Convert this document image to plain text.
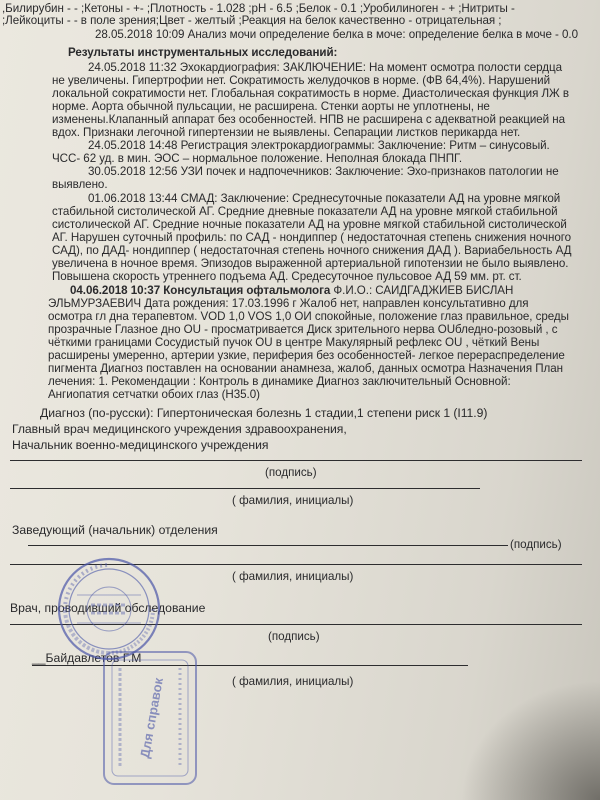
,Билирубин - - ;Кетоны - +- ;Плотность - 1.028 ;рН - 6.5 ;Белок - 0.1 ;Уробилиноген - + ;Нитриты -
;Лейкоциты - - в поле зрения;Цвет - желтый ;Реакция на белок качественно - отрицательная ;
28.05.2018 10:09 Анализ мочи определение белка в моче: определение белка в моче - 0.0
Результаты инструментальных исследований:
24.05.2018 11:32 Эхокардиография: ЗАКЛЮЧЕНИЕ: На момент осмотра полости сердца
не увеличены. Гипертрофии нет. Сократимость желудочков в норме. (ФВ 64,4%). Нарушений
локальной сократимости нет. Глобальная сократимость в норме. Диастолическая функция ЛЖ в
норме. Аорта обычной пульсации, не расширена. Стенки аорты не уплотнены, не
изменены.Клапанный аппарат без особенностей. НПВ не расширена с адекватной реакцией на
вдох. Признаки легочной гипертензии не выявлены. Сепарации листков перикарда нет.
24.05.2018 14:48 Регистрация электрокардиограммы: Заключение: Ритм – синусовый.
ЧСС- 62 уд. в мин. ЭОС – нормальное положение. Неполная блокада ПНПГ.
30.05.2018 12:56 УЗИ почек и надпочечников: Заключение: Эхо-признаков патологии не
выявлено.
01.06.2018 13:44 СМАД: Заключение: Среднесуточные показатели АД на уровне мягкой
стабильной систолической АГ. Средние дневные показатели АД на уровне мягкой стабильной
систолической АГ. Средние ночные показатели АД на уровне мягкой стабильной систолической
АГ. Нарушен суточный профиль: по САД - нондиппер ( недостаточная степень снижения ночного
САД), по ДАД- нондиппер ( недостаточная степень ночного снижения ДАД ). Вариабельность АД
увеличена в ночное время. Эпизодов выраженной артериальной гипотензии не было выявлено.
Повышена скорость утреннего подъема АД. Средесуточное пульсовое АД 59 мм. рт. ст.
04.06.2018 10:37 Консультация офтальмолога Ф.И.О.: САИДГАДЖИЕВ БИСЛАН
ЭЛЬМУРЗАЕВИЧ Дата рождения: 17.03.1996 г Жалоб нет, направлен консультативно для
осмотра гл дна терапевтом. VOD 1,0 VOS 1,0 ОИ спокойные, положение глаз правильное, среды
прозрачные Глазное дно OU - просматривается Диск зрительного нерва OUбледно-розовый , с
чёткими границами Сосудистый пучок OU в центре Макулярный рефлекс OU , чёткий Вены
расширены умеренно, артерии узкие, периферия без особенностей- легкое перераспределение
пигмента Диагноз поставлен на основании анамнеза, жалоб, данных осмотра Назначения План
лечения: 1. Рекомендации : Контроль в динамике Диагноз заключительный Основной:
Ангиопатия сетчатки обоих глаз (H35.0)
Диагноз (по-русски): Гипертоническая болезнь 1 стадии,1 степени риск 1 (I11.9)
Главный врач медицинского учреждения здравоохранения,
Начальник военно-медицинского учреждения
(подпись)
( фамилия, инициалы)
Заведующий (начальник) отделения
(подпись)
( фамилия, инициалы)
Врач, проводивший обследование
(подпись)
__Байдавлетов Г.М
( фамилия, инициалы)
Для справок
